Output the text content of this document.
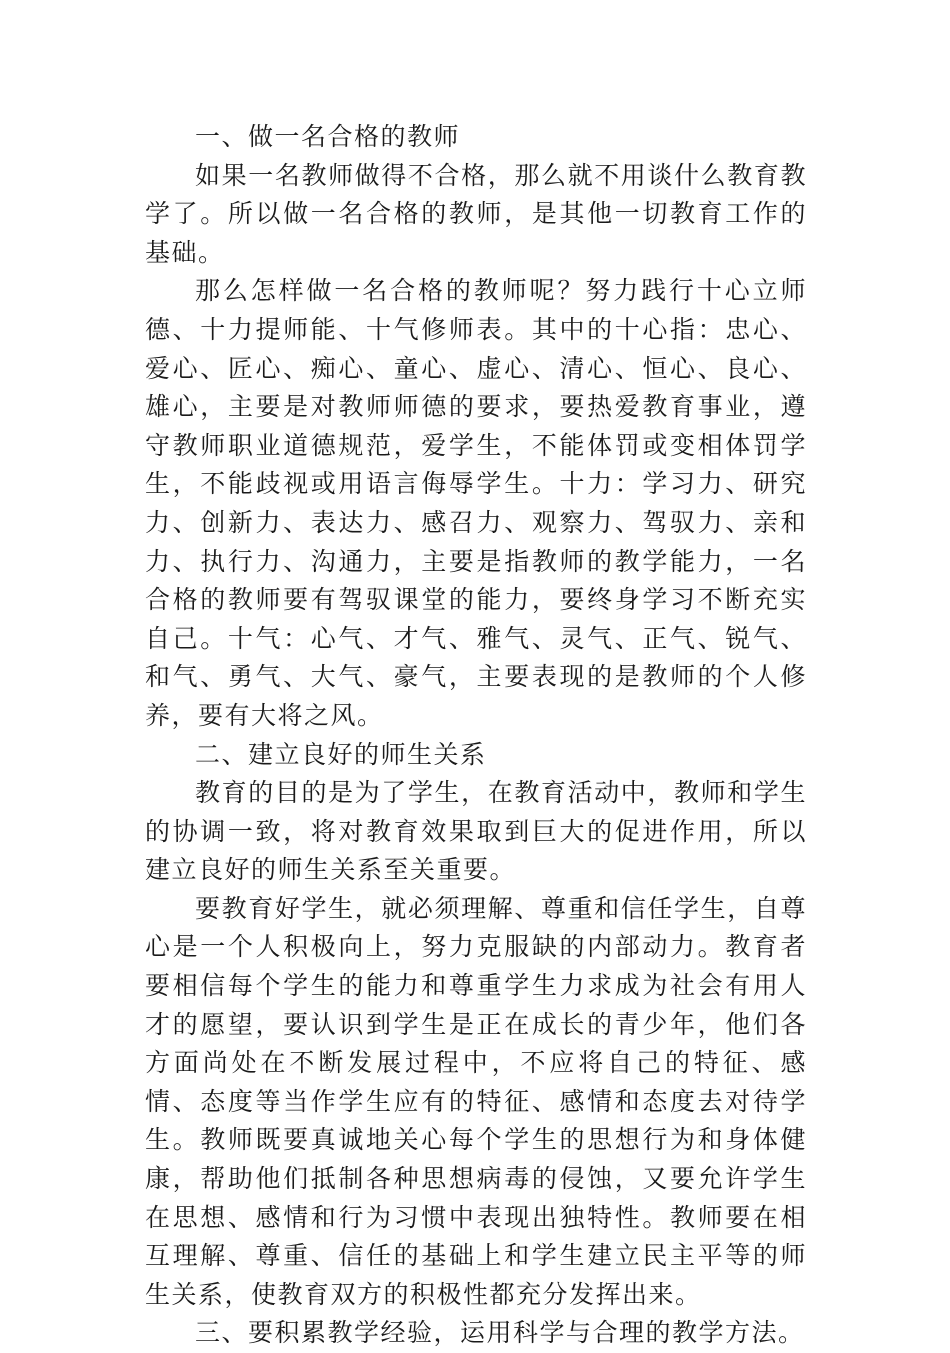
一、做一名合格的教师

如果一名教师做得不合格，那么就不用谈什么教育教学了。所以做一名合格的教师，是其他一切教育工作的基础。

那么怎样做一名合格的教师呢？努力践行十心立师德、十力提师能、十气修师表。其中的十心指：忠心、爱心、匠心、痴心、童心、虚心、清心、恒心、良心、雄心，主要是对教师师德的要求，要热爱教育事业，遵守教师职业道德规范，爱学生，不能体罚或变相体罚学生，不能歧视或用语言侮辱学生。十力：学习力、研究力、创新力、表达力、感召力、观察力、驾驭力、亲和力、执行力、沟通力，主要是指教师的教学能力，一名合格的教师要有驾驭课堂的能力，要终身学习不断充实自己。十气：心气、才气、雅气、灵气、正气、锐气、和气、勇气、大气、豪气，主要表现的是教师的个人修养，要有大将之风。

二、建立良好的师生关系

教育的目的是为了学生，在教育活动中，教师和学生的协调一致，将对教育效果取到巨大的促进作用，所以建立良好的师生关系至关重要。

要教育好学生，就必须理解、尊重和信任学生，自尊心是一个人积极向上，努力克服缺的内部动力。教育者要相信每个学生的能力和尊重学生力求成为社会有用人才的愿望，要认识到学生是正在成长的青少年，他们各方面尚处在不断发展过程中，不应将自己的特征、感情、态度等当作学生应有的特征、感情和态度去对待学生。教师既要真诚地关心每个学生的思想行为和身体健康，帮助他们抵制各种思想病毒的侵蚀，又要允许学生在思想、感情和行为习惯中表现出独特性。教师要在相互理解、尊重、信任的基础上和学生建立民主平等的师生关系，使教育双方的积极性都充分发挥出来。

三、要积累教学经验，运用科学与合理的教学方法。
